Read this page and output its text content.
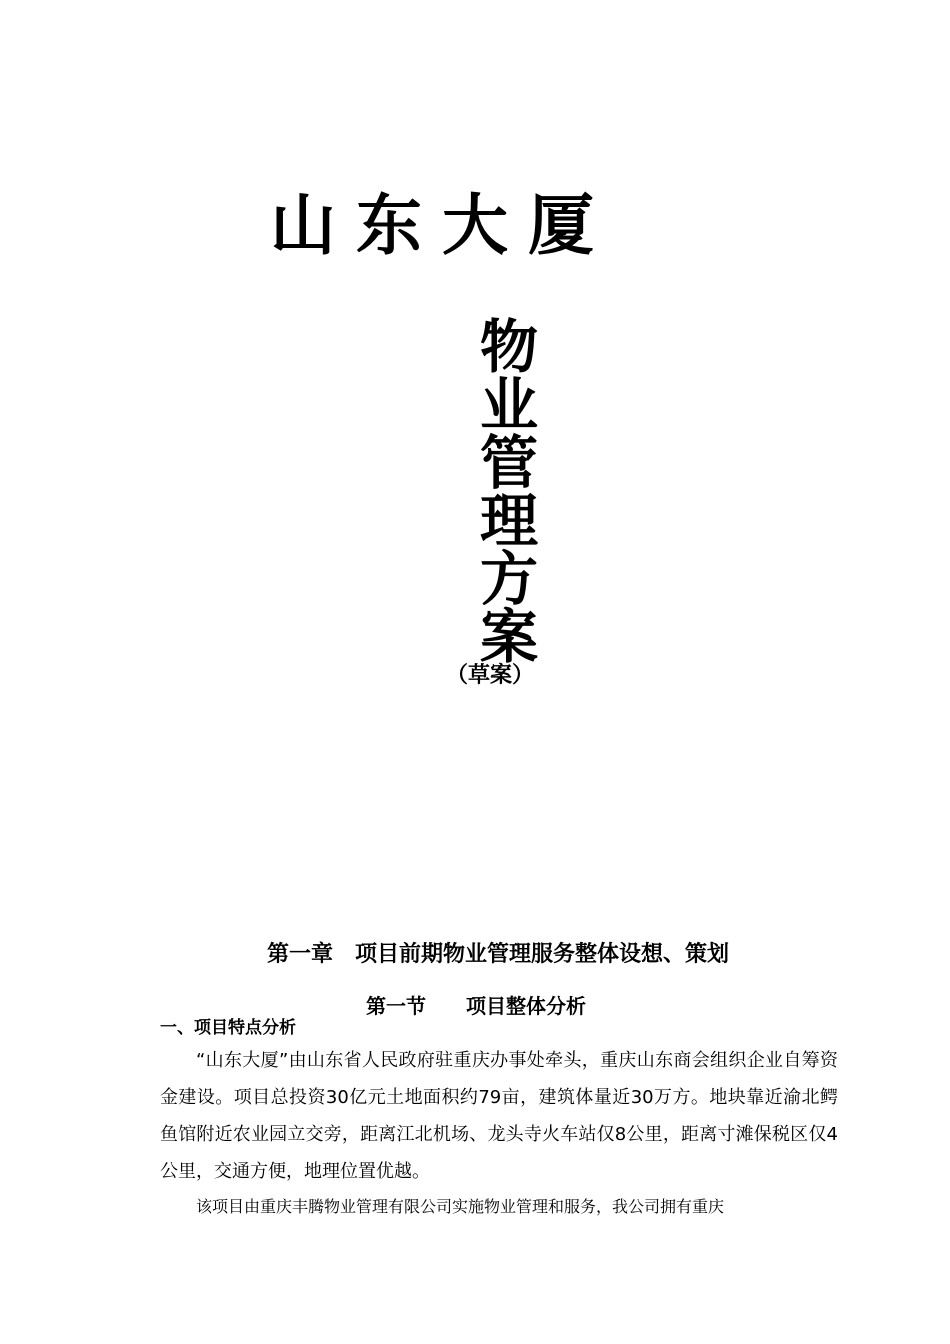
山东大厦
物业管理方案
（草案）
第一章　项目前期物业管理服务整体设想、策划
第一节　　项目整体分析
一、项目特点分析
“山东大厦”由山东省人民政府驻重庆办事处牵头，重庆山东商会组织企业自筹资金建设。项目总投资30亿元土地面积约79亩，建筑体量近30万方。地块靠近渝北鳄鱼馆附近农业园立交旁，距离江北机场、龙头寺火车站仅8公里，距离寸滩保税区仅4公里，交通方便，地理位置优越。
该项目由重庆丰腾物业管理有限公司实施物业管理和服务，我公司拥有重庆
